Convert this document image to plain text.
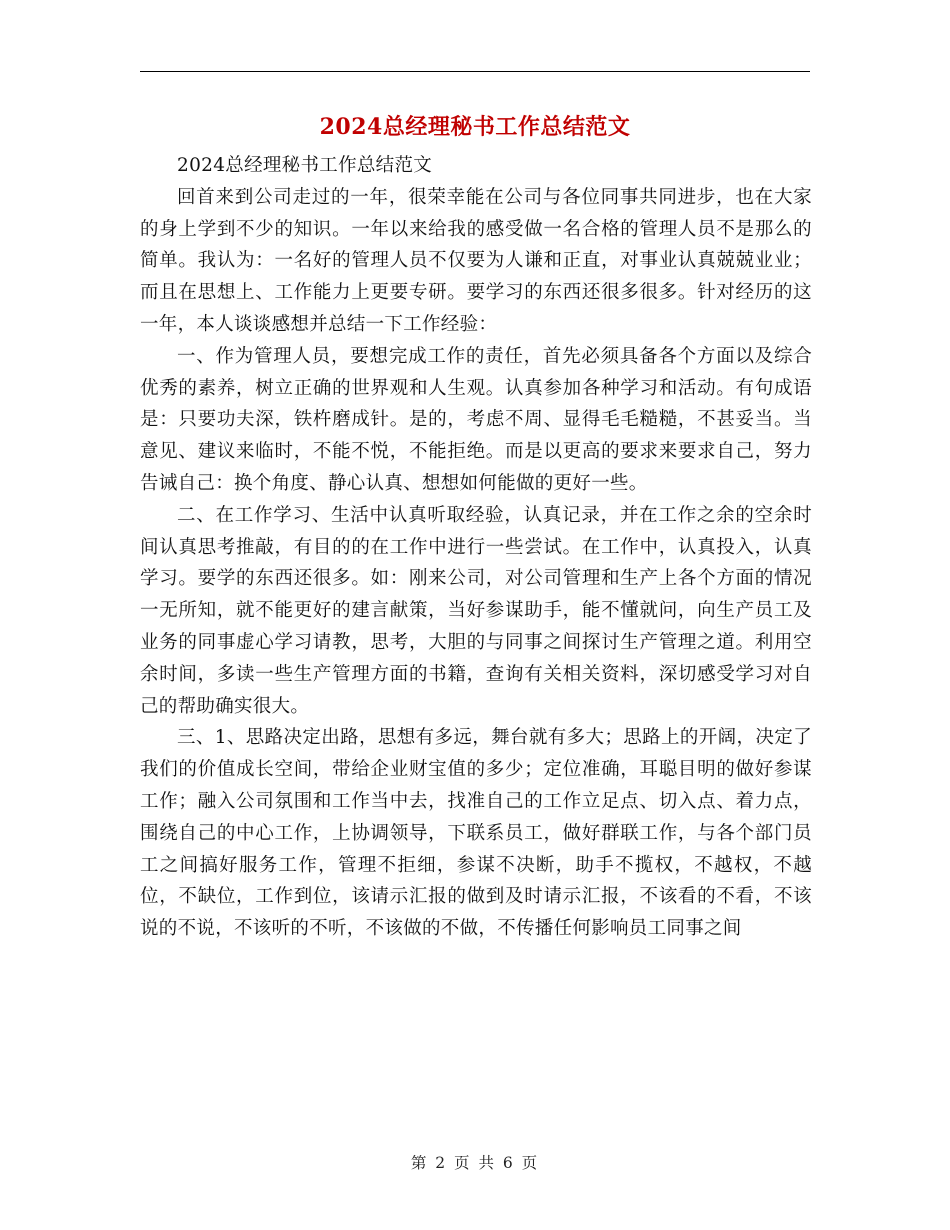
2024总经理秘书工作总结范文

2024总经理秘书工作总结范文

回首来到公司走过的一年，很荣幸能在公司与各位同事共同进步，也在大家的身上学到不少的知识。一年以来给我的感受做一名合格的管理人员不是那么的简单。我认为：一名好的管理人员不仅要为人谦和正直，对事业认真兢兢业业；而且在思想上、工作能力上更要专研。要学习的东西还很多很多。针对经历的这一年，本人谈谈感想并总结一下工作经验：

一、作为管理人员，要想完成工作的责任，首先必须具备各个方面以及综合优秀的素养，树立正确的世界观和人生观。认真参加各种学习和活动。有句成语是：只要功夫深，铁杵磨成针。是的，考虑不周、显得毛毛糙糙，不甚妥当。当意见、建议来临时，不能不悦，不能拒绝。而是以更高的要求来要求自己，努力告诫自己：换个角度、静心认真、想想如何能做的更好一些。

二、在工作学习、生活中认真听取经验，认真记录，并在工作之余的空余时间认真思考推敲，有目的的在工作中进行一些尝试。在工作中，认真投入，认真学习。要学的东西还很多。如：刚来公司，对公司管理和生产上各个方面的情况一无所知，就不能更好的建言献策，当好参谋助手，能不懂就问，向生产员工及业务的同事虚心学习请教，思考，大胆的与同事之间探讨生产管理之道。利用空余时间，多读一些生产管理方面的书籍，查询有关相关资料，深切感受学习对自己的帮助确实很大。

三、1、思路决定出路，思想有多远，舞台就有多大；思路上的开阔，决定了我们的价值成长空间，带给企业财宝值的多少；定位准确，耳聪目明的做好参谋工作；融入公司氛围和工作当中去，找准自己的工作立足点、切入点、着力点，围绕自己的中心工作，上协调领导，下联系员工，做好群联工作，与各个部门员工之间搞好服务工作，管理不拒细，参谋不决断，助手不揽权，不越权，不越位，不缺位，工作到位，该请示汇报的做到及时请示汇报，不该看的不看，不该说的不说，不该听的不听，不该做的不做，不传播任何影响员工同事之间

第 2 页 共 6 页
